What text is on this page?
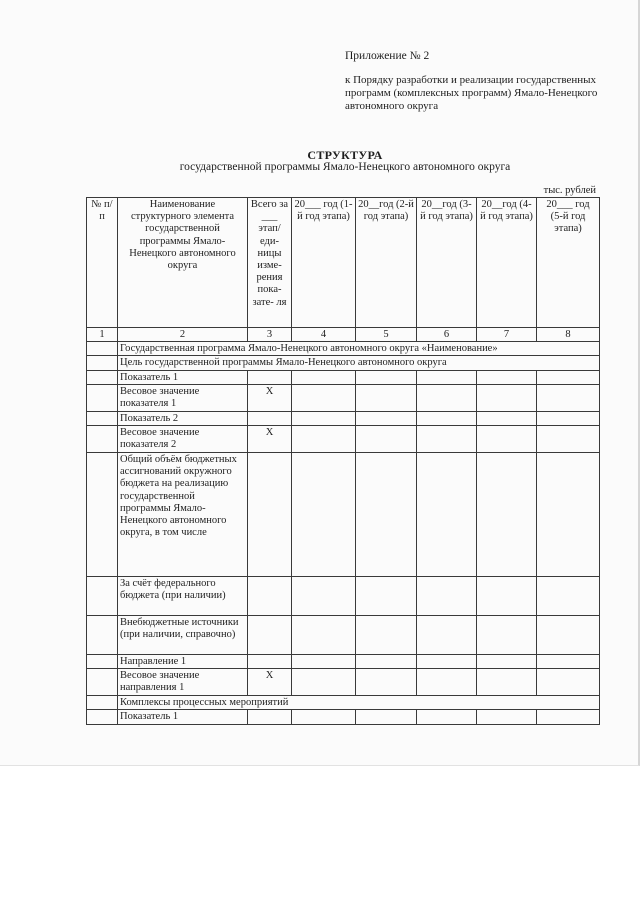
Приложение № 2
к Порядку разработки и реализации государственных программ (комплексных программ) Ямало-Ненецкого автономного округа
СТРУКТУРА
государственной программы Ямало-Ненецкого автономного округа
тыс. рублей
№ п/п	Наименование структурного элемента государственной программы Ямало-Ненецкого автономного округа	Всего за ___ этап/ еди- ницы изме- рения пока- зате- ля	20___ год (1-й год этапа)	20__год (2-й год этапа)	20__год (3-й год этапа)	20__год (4-й год этапа)	20___ год (5-й год этапа)
1	2	3	4	5	6	7	8
	Государственная программа Ямало-Ненецкого автономного округа «Наименование»						
	Цель государственной программы Ямало-Ненецкого автономного округа						
	Показатель 1						
	Весовое значение показателя 1	Х					
	Показатель 2						
	Весовое значение показателя 2	Х					
	Общий объём бюджетных ассигнований окружного бюджета на реализацию государственной программы Ямало-Ненецкого автономного округа, в том числе						
	За счёт федерального бюджета (при наличии)						
	Внебюджетные источники (при наличии, справочно)						
	Направление 1						
	Весовое значение направления 1	Х					
	Комплексы процессных мероприятий						
	Показатель 1						
